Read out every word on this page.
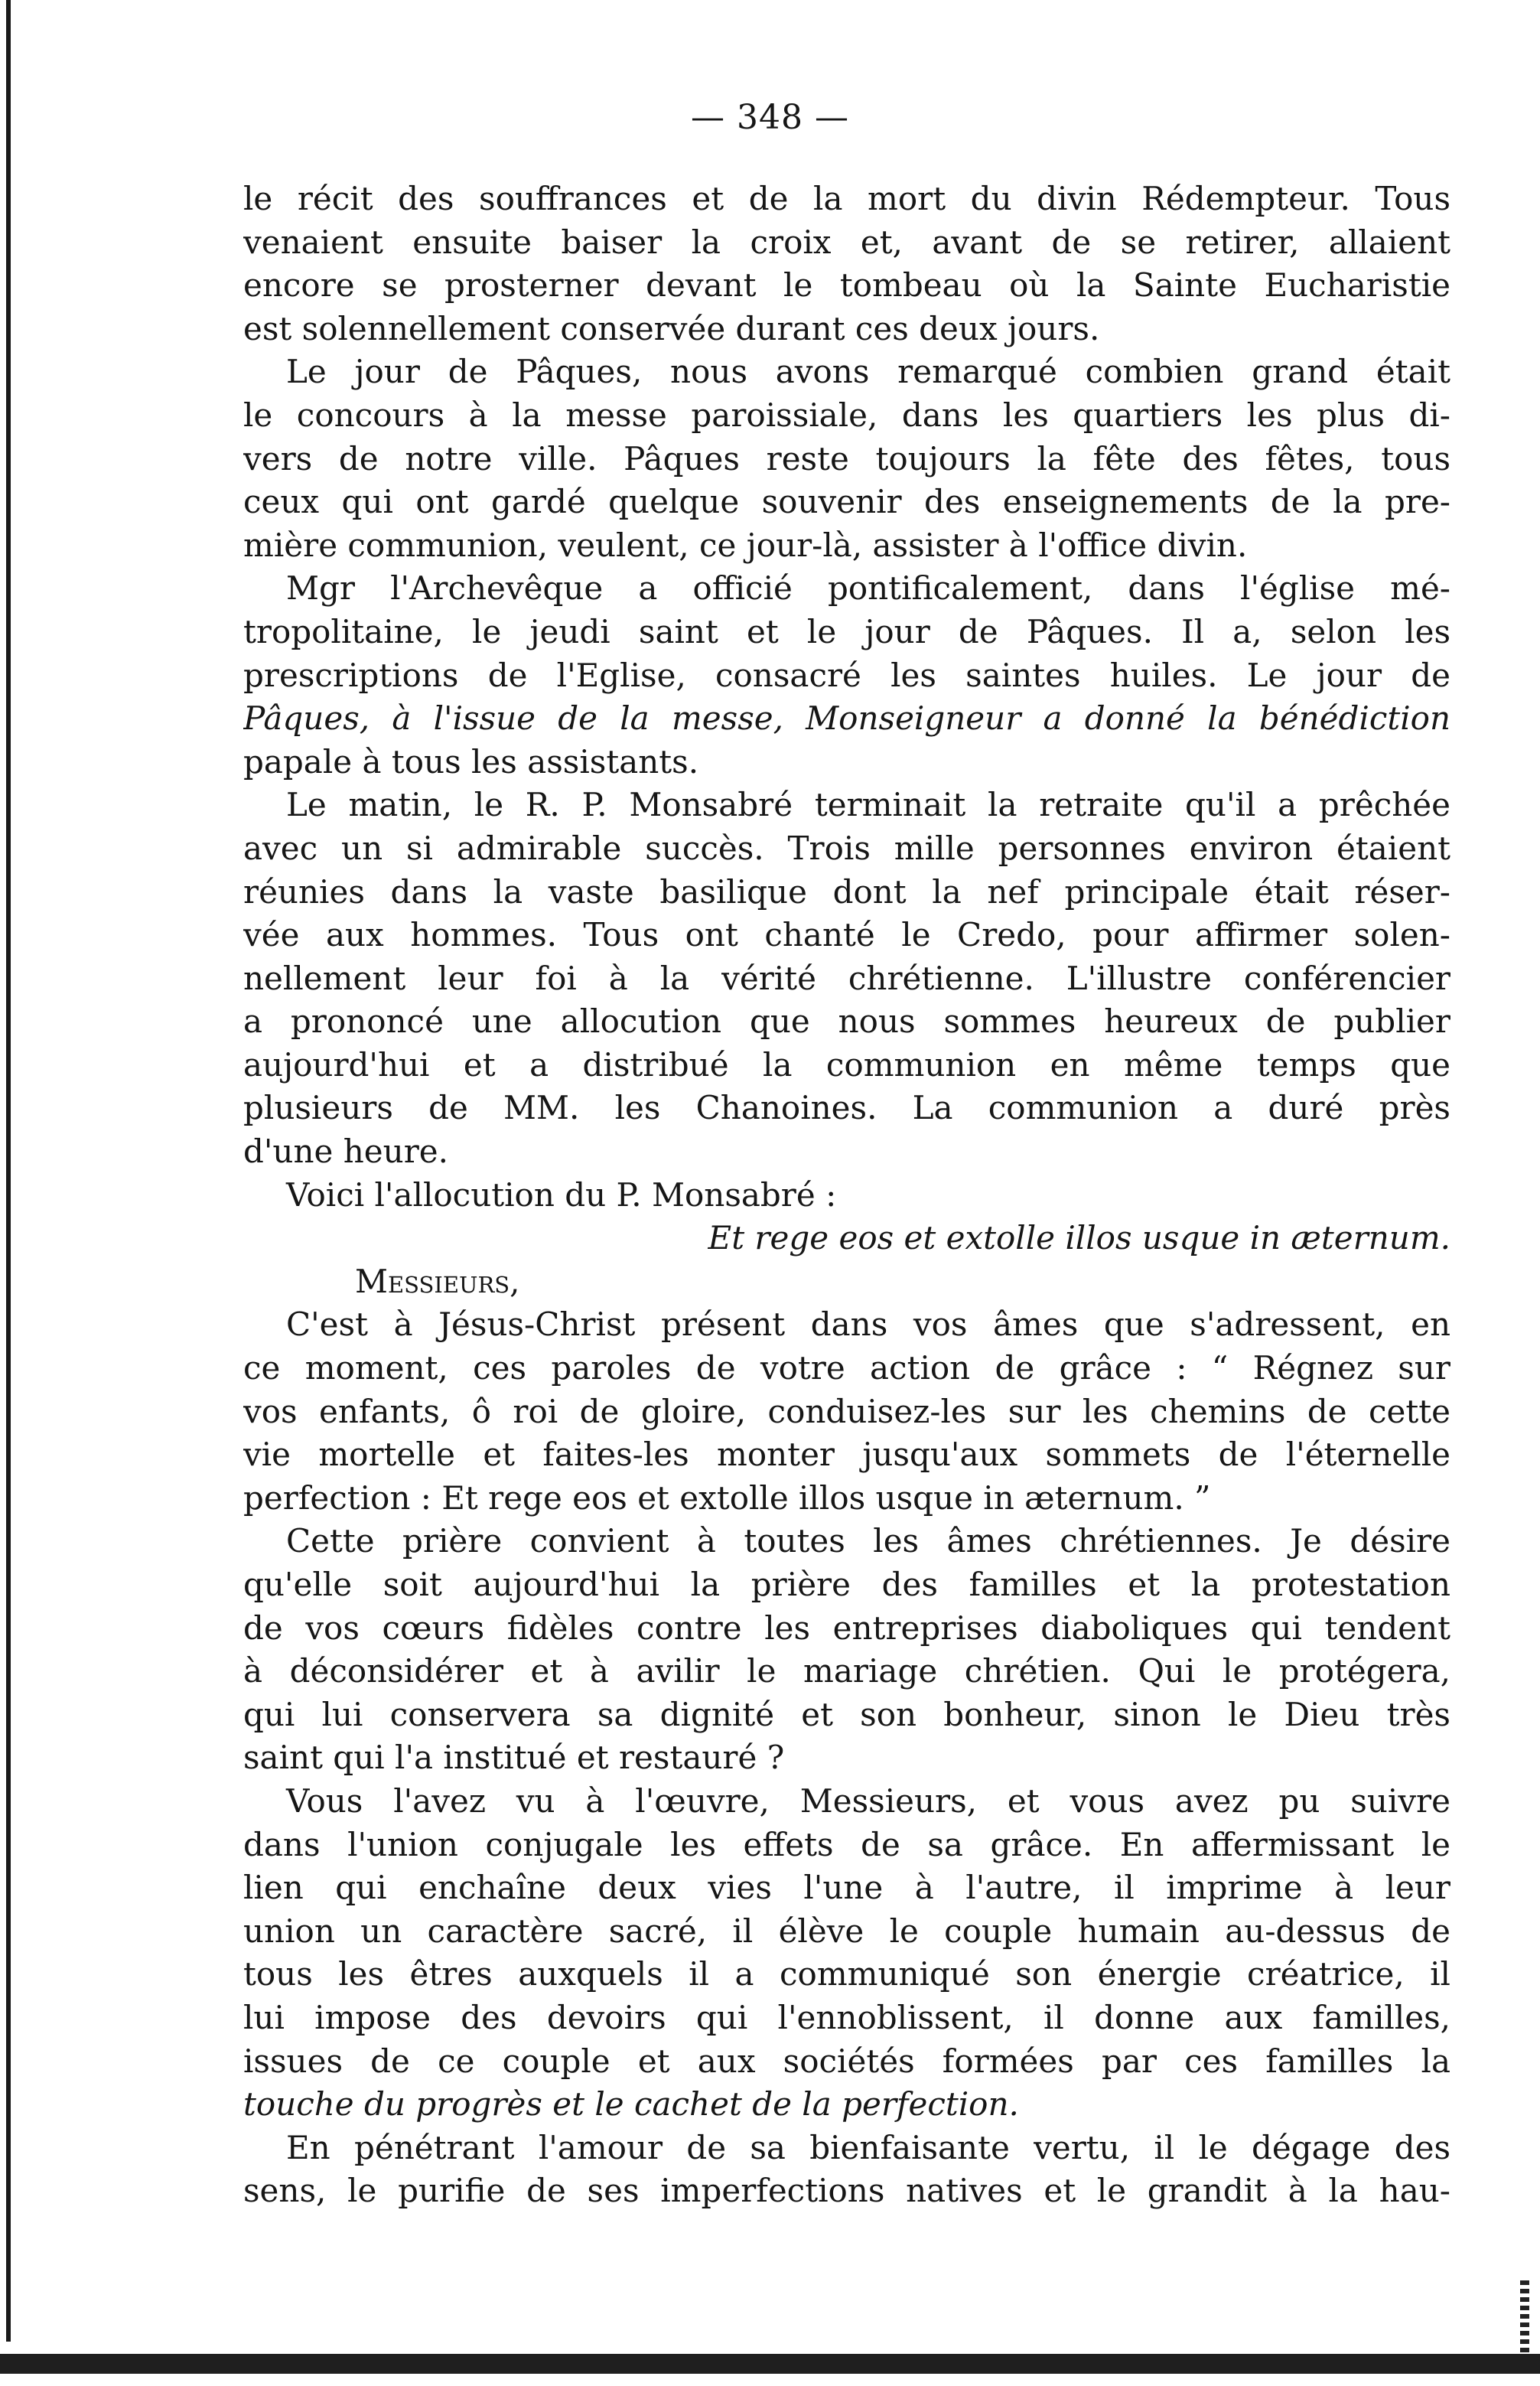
— 348 —
le récit des souffrances et de la mort du divin Rédempteur. Tous
venaient ensuite baiser la croix et, avant de se retirer, allaient
encore se prosterner devant le tombeau où la Sainte Eucharistie
est solennellement conservée durant ces deux jours.
Le jour de Pâques, nous avons remarqué combien grand était
le concours à la messe paroissiale, dans les quartiers les plus di-
vers de notre ville. Pâques reste toujours la fête des fêtes, tous
ceux qui ont gardé quelque souvenir des enseignements de la pre-
mière communion, veulent, ce jour-là, assister à l'office divin.
Mgr l'Archevêque a officié pontificalement, dans l'église mé-
tropolitaine, le jeudi saint et le jour de Pâques. Il a, selon les
prescriptions de l'Eglise, consacré les saintes huiles. Le jour de
Pâques, à l'issue de la messe, Monseigneur a donné la bénédiction
papale à tous les assistants.
Le matin, le R. P. Monsabré terminait la retraite qu'il a prêchée
avec un si admirable succès. Trois mille personnes environ étaient
réunies dans la vaste basilique dont la nef principale était réser-
vée aux hommes. Tous ont chanté le Credo, pour affirmer solen-
nellement leur foi à la vérité chrétienne. L'illustre conférencier
a prononcé une allocution que nous sommes heureux de publier
aujourd'hui et a distribué la communion en même temps que
plusieurs de MM. les Chanoines. La communion a duré près
d'une heure.
Voici l'allocution du P. Monsabré :
Et rege eos et extolle illos usque in æternum.
Messieurs,
C'est à Jésus-Christ présent dans vos âmes que s'adressent, en
ce moment, ces paroles de votre action de grâce : “ Régnez sur
vos enfants, ô roi de gloire, conduisez-les sur les chemins de cette
vie mortelle et faites-les monter jusqu'aux sommets de l'éternelle
perfection : Et rege eos et extolle illos usque in æternum. ”
Cette prière convient à toutes les âmes chrétiennes. Je désire
qu'elle soit aujourd'hui la prière des familles et la protestation
de vos cœurs fidèles contre les entreprises diaboliques qui tendent
à déconsidérer et à avilir le mariage chrétien. Qui le protégera,
qui lui conservera sa dignité et son bonheur, sinon le Dieu très
saint qui l'a institué et restauré ?
Vous l'avez vu à l'œuvre, Messieurs, et vous avez pu suivre
dans l'union conjugale les effets de sa grâce. En affermissant le
lien qui enchaîne deux vies l'une à l'autre, il imprime à leur
union un caractère sacré, il élève le couple humain au-dessus de
tous les êtres auxquels il a communiqué son énergie créatrice, il
lui impose des devoirs qui l'ennoblissent, il donne aux familles,
issues de ce couple et aux sociétés formées par ces familles la
touche du progrès et le cachet de la perfection.
En pénétrant l'amour de sa bienfaisante vertu, il le dégage des
sens, le purifie de ses imperfections natives et le grandit à la hau-
